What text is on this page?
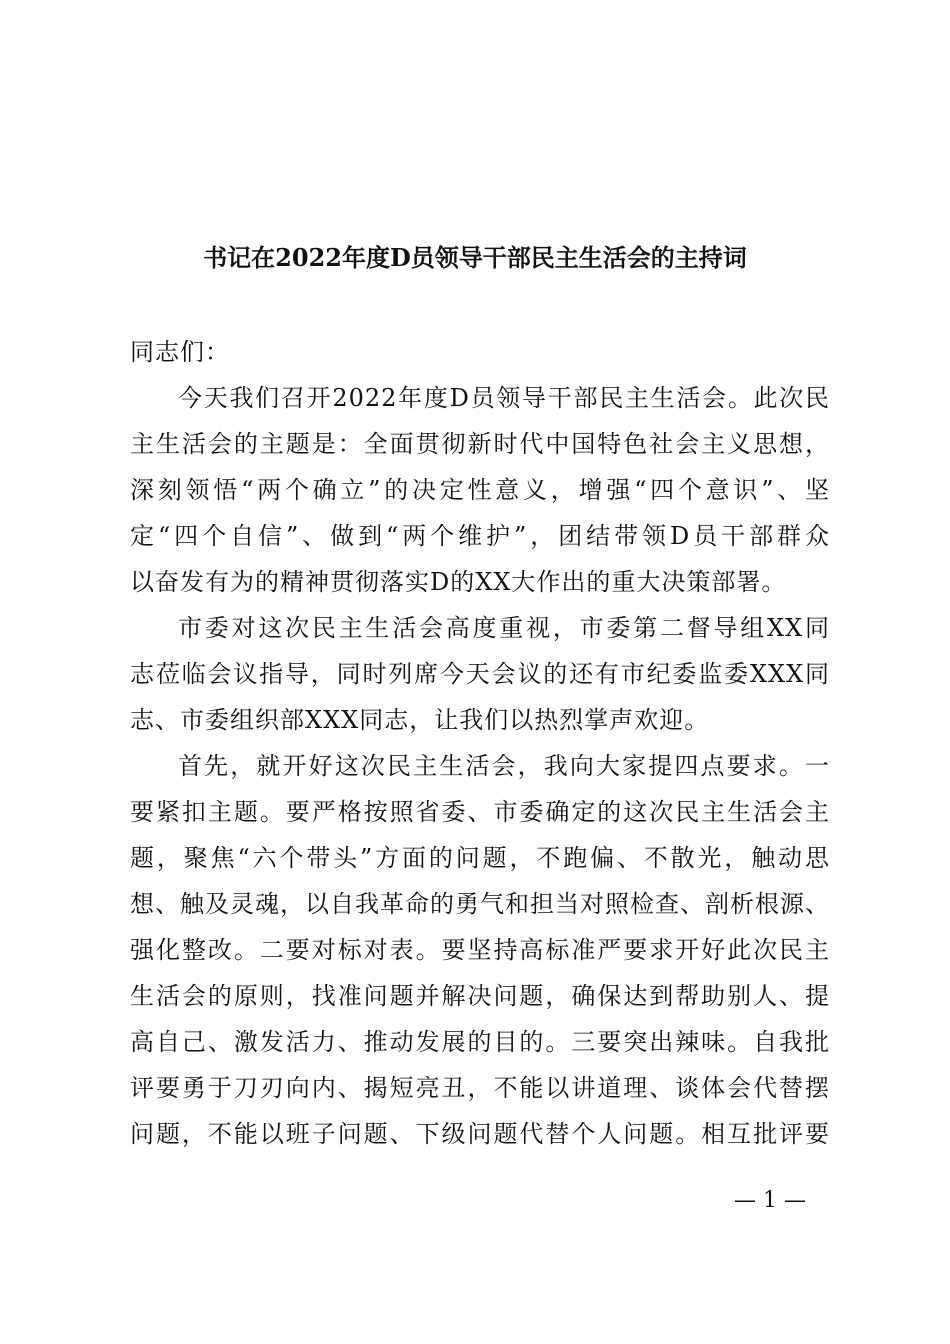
书记在2022年度D员领导干部民主生活会的主持词
同志们：
今天我们召开2022年度D员领导干部民主生活会。此次民
主生活会的主题是：全面贯彻新时代中国特色社会主义思想，
深刻领悟“两个确立”的决定性意义，增强“四个意识”、坚
定“四个自信”、做到“两个维护”，团结带领D员干部群众
以奋发有为的精神贯彻落实D的XX大作出的重大决策部署。
市委对这次民主生活会高度重视，市委第二督导组XX同
志莅临会议指导，同时列席今天会议的还有市纪委监委XXX同
志、市委组织部XXX同志，让我们以热烈掌声欢迎。
首先，就开好这次民主生活会，我向大家提四点要求。一
要紧扣主题。要严格按照省委、市委确定的这次民主生活会主
题，聚焦“六个带头”方面的问题，不跑偏、不散光，触动思
想、触及灵魂，以自我革命的勇气和担当对照检查、剖析根源、
强化整改。二要对标对表。要坚持高标准严要求开好此次民主
生活会的原则，找准问题并解决问题，确保达到帮助别人、提
高自己、激发活力、推动发展的目的。三要突出辣味。自我批
评要勇于刀刃向内、揭短亮丑，不能以讲道理、谈体会代替摆
问题，不能以班子问题、下级问题代替个人问题。相互批评要
— 1 —
